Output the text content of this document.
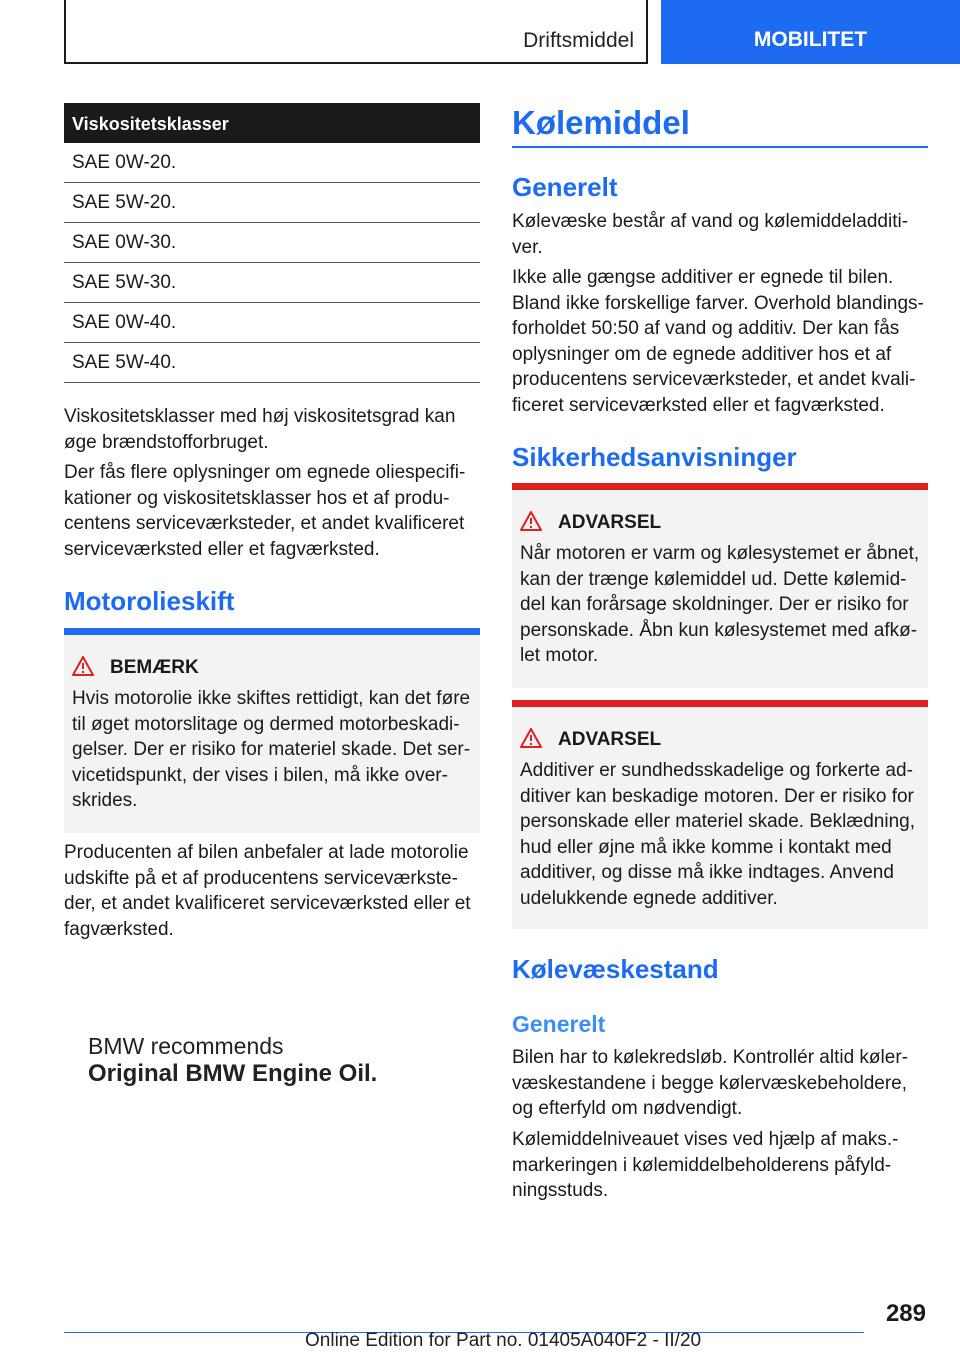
Driftsmiddel	MOBILITET
Viskositetsklasser
SAE 0W-20.
SAE 5W-20.
SAE 0W-30.
SAE 5W-30.
SAE 0W-40.
SAE 5W-40.

Viskositetsklasser med høj viskositetsgrad kan

øge brændstofforbruget.

Der fås flere oplysninger om egnede oliespecifi-

kationer og viskositetsklasser hos et af produ-

centens serviceværksteder, et andet kvalificeret

serviceværksted eller et fagværksted.

Motorolieskift
BEMÆRK

Hvis motorolie ikke skiftes rettidigt, kan det føre

til øget motorslitage og dermed motorbeskadi-

gelser. Der er risiko for materiel skade. Det ser-

vicetidspunkt, der vises i bilen, må ikke over-

skrides.

Producenten af bilen anbefaler at lade motorolie

udskifte på et af producentens serviceværkste-

der, et andet kvalificeret serviceværksted eller et

fagværksted.

BMW recommends
Original BMW Engine Oil.
Kølemiddel
Generelt

Kølevæske består af vand og kølemiddeladditi-

ver.

Ikke alle gængse additiver er egnede til bilen.

Bland ikke forskellige farver. Overhold blandings-

forholdet 50:50 af vand og additiv. Der kan fås

oplysninger om de egnede additiver hos et af

producentens serviceværksteder, et andet kvali-

ficeret serviceværksted eller et fagværksted.

Sikkerhedsanvisninger
ADVARSEL

Når motoren er varm og kølesystemet er åbnet,

kan der trænge kølemiddel ud. Dette kølemid-

del kan forårsage skoldninger. Der er risiko for

personskade. Åbn kun kølesystemet med afkø-

let motor.

ADVARSEL

Additiver er sundhedsskadelige og forkerte ad-

ditiver kan beskadige motoren. Der er risiko for

personskade eller materiel skade. Beklædning,

hud eller øjne må ikke komme i kontakt med

additiver, og disse må ikke indtages. Anvend

udelukkende egnede additiver.

Kølevæskestand
Generelt

Bilen har to kølekredsløb. Kontrollér altid køler-

væskestandene i begge kølervæskebeholdere,

og efterfyld om nødvendigt.

Kølemiddelniveauet vises ved hjælp af maks.-

markeringen i kølemiddelbeholderens påfyld-

ningsstuds.

289
Online Edition for Part no. 01405A040F2 - II/20
